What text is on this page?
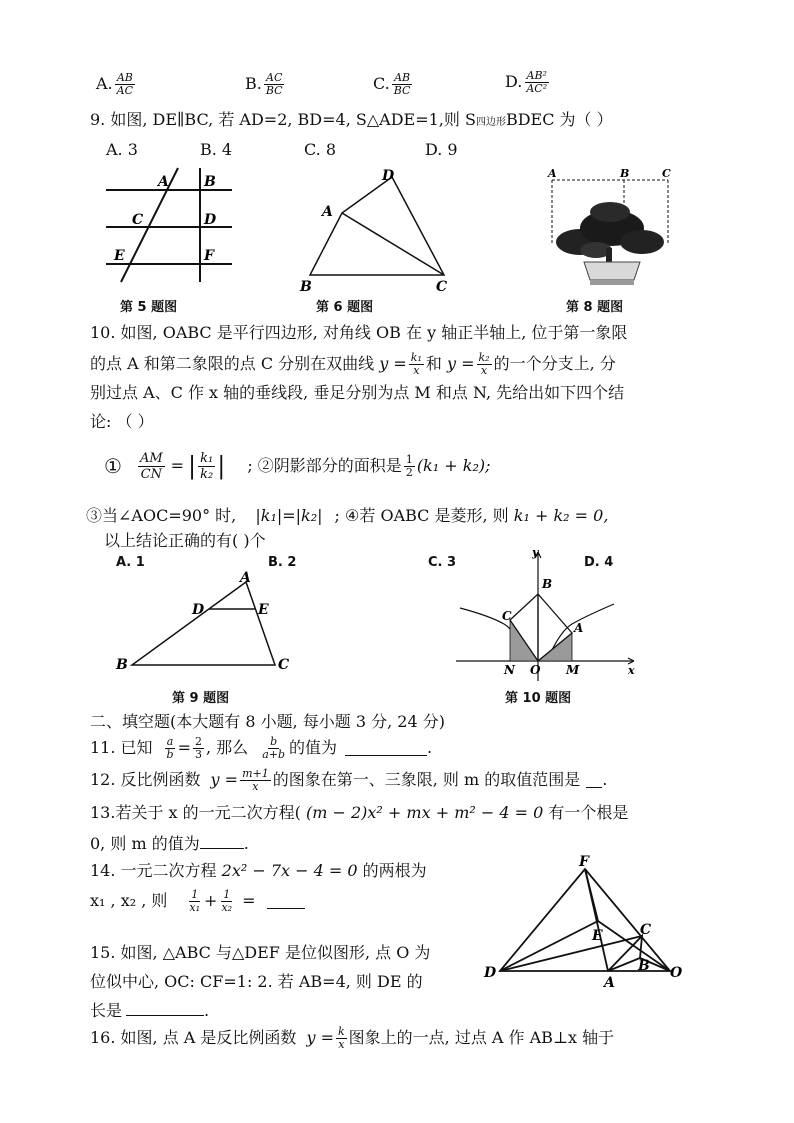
A. $\frac{AB}{AC}$	B. $\frac{AC}{BC}$	C. $\frac{AB}{BC}$	D. $\frac{\text{AB²}}{\text{AC²}}$
9. 如图, DE∥BC, 若 AD=2, BD=4, S△ADE=1,则 S四边形BDEC 为（ ）
A. 3	B. 4	C. 8	D. 9
A	B
C	D
E	F
第 5 题图
D
A
B	C
第 6 题图
A	B	C
第 8 题图
10. 如图, OABC 是平行四边形, 对角线 OB 在 y 轴正半轴上, 位于第一象限
的点 A 和第二象限的点 C 分别在双曲线 $y = \frac{\text{k₁}}{x}$ 和 $y = \frac{\text{k₂}}{x}$ 的一个分支上, 分
别过点 A、C 作 x 轴的垂线段, 垂足分别为点 M 和点 N, 先给出如下四个结
论: （ ）
① $\frac{AM}{CN}$ = | $\frac{\text{k₁}}{\text{k₂}}$ | ; ②阴影部分的面积是 $\frac{1}{2} (k_1 + k_2)$;
③当∠AOC=90° 时, |k₁|=|k₂| ; ④若 OABC 是菱形, 则 k₁ + k₂ = 0,
以上结论正确的有( )个
A. 1	B. 2	C. 3	D. 4
A
D	E
B	C
第 9 题图
y
B
C
A
N O M	x
第 10 题图
二、填空题(本大题有 8 小题, 每小题 3 分, 24 分)
11. 已知 $\frac{a}{b} = \frac{2}{3}$ , 那么 $\frac{b}{a+b}$ 的值为	.
12. 反比例函数 $y = \frac{m+1}{x}$ 的图象在第一、三象限, 则 m 的取值范围是 .
13.若关于 x 的一元二次方程( (m − 2)x² + mx + m² − 4 = 0 有一个根是
0, 则 m 的值为	.
14. 一元二次方程 2x² − 7x − 4 = 0 的两根为
x₁ , x₂ , 则 $\frac{1}{\text{x₁}} + \frac{1}{\text{x₂}}$ =
15. 如图, △ABC 与△DEF 是位似图形, 点 O 为
位似中心, OC: CF=1: 2. 若 AB=4, 则 DE 的
长是	.
F
E	C
B
D
A
O
16. 如图, 点 A 是反比例函数 $y = \frac{k}{x}$ 图象上的一点, 过点 A 作 AB⊥x 轴于
